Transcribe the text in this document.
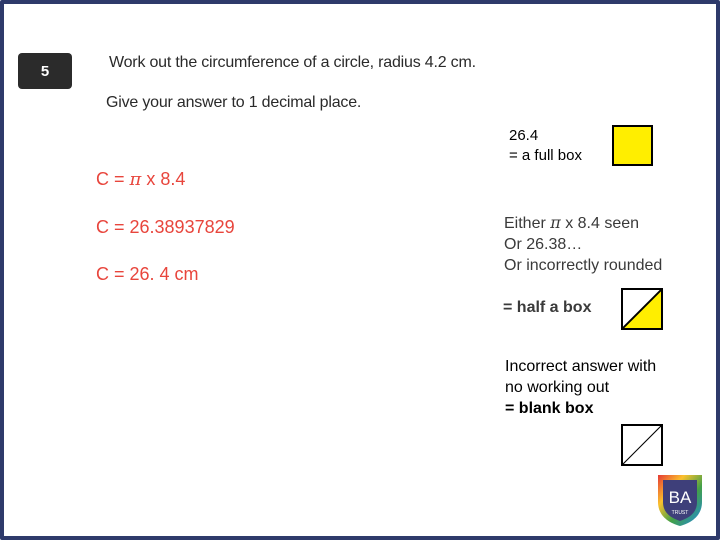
5	Work out the circumference of a circle, radius 4.2 cm.
Give your answer to 1 decimal place.
C = π x 8.4
C = 26.38937829
C = 26. 4 cm
26.4
= a full box
Either π x 8.4 seen
Or 26.38…
Or incorrectly rounded
= half a box
Incorrect answer with
no working out
= blank box
BA
TRUST
